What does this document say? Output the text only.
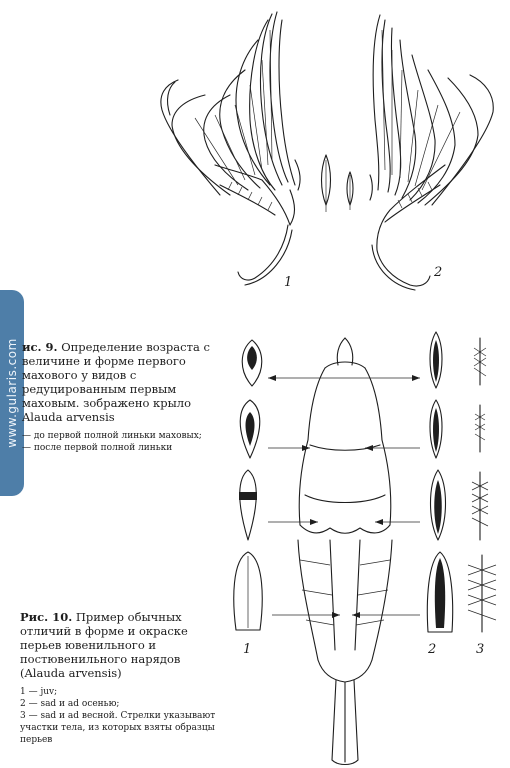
1
2
www.gularis.com ис. 9. Определение возраста с величине и форме первого махового у видов с редуцированным первым маховым. зображено крыло Alauda arvensis
— до первой полной линьки маховых;
— после первой полной линьки
1	2	3
Рис. 10. Пример обычных отличий в форме и окраске перьев ювенильного и постювенильного нарядов (Alauda arvensis)
1 — juv;
2 — sad и ad осенью;
3 — sad и ad весной. Стрелки указывают участки тела, из которых взяты образцы перьев
